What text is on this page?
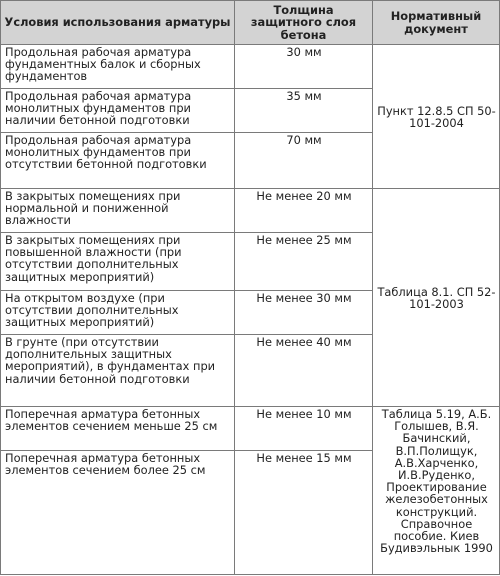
Условия использования арматуры	Толщина защитного слоя бетона	Нормативный документ
Продольная рабочая арматура фундаментных балок и сборных фундаментов	30 мм	Пункт 12.8.5 СП 50-101-2004
Продольная рабочая арматура монолитных фундаментов при наличии бетонной подготовки	35 мм	
Продольная рабочая арматура монолитных фундаментов при отсутствии бетонной подготовки	70 мм	
В закрытых помещениях при нормальной и пониженной влажности	Не менее 20 мм	Таблица 8.1. СП 52-101-2003
В закрытых помещениях при повышенной влажности (при отсутствии дополнительных защитных мероприятий)	Не менее 25 мм	
На открытом воздухе (при отсутствии дополнительных защитных мероприятий)	Не менее 30 мм	
В грунте (при отсутствии дополнительных защитных мероприятий), в фундаментах при наличии бетонной подготовки	Не менее 40 мм	
Поперечная арматура бетонных элементов сечением меньше 25 см	Не менее 10 мм	Таблица 5.19, А.Б. Голышев, В.Я. Бачинский, В.П.Полищук, А.В.Харченко, И.В.Руденко, Проектирование железобетонных конструкций. Справочное пособие. Киев Будивэльнык 1990
Поперечная арматура бетонных элементов сечением более 25 см	Не менее 15 мм	
